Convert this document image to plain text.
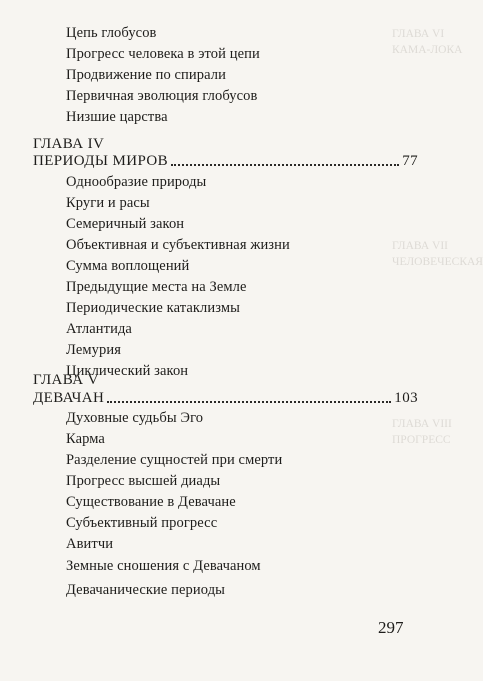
ГЛАВА VI
КАМА-ЛОКА
ГЛАВА VII
ЧЕЛОВЕЧЕСКАЯ
ГЛАВА VIII
ПРОГРЕСС
Цепь глобусов
Прогресс человека в этой цепи
Продвижение по спирали
Первичная эволюция глобусов
Низшие царства
ГЛАВА IV
ПЕРИОДЫ МИРОВ	77
Однообразие природы
Круги и расы
Семеричный закон
Объективная и субъективная жизни
Сумма воплощений
Предыдущие места на Земле
Периодические катаклизмы
Атлантида
Лемурия
Циклический закон
ГЛАВА V
ДЕВАЧАН	103
Духовные судьбы Эго
Карма
Разделение сущностей при смерти
Прогресс высшей диады
Существование в Девачане
Субъективный прогресс
Авитчи
Земные сношения с Девачаном
Девачанические периоды
297
